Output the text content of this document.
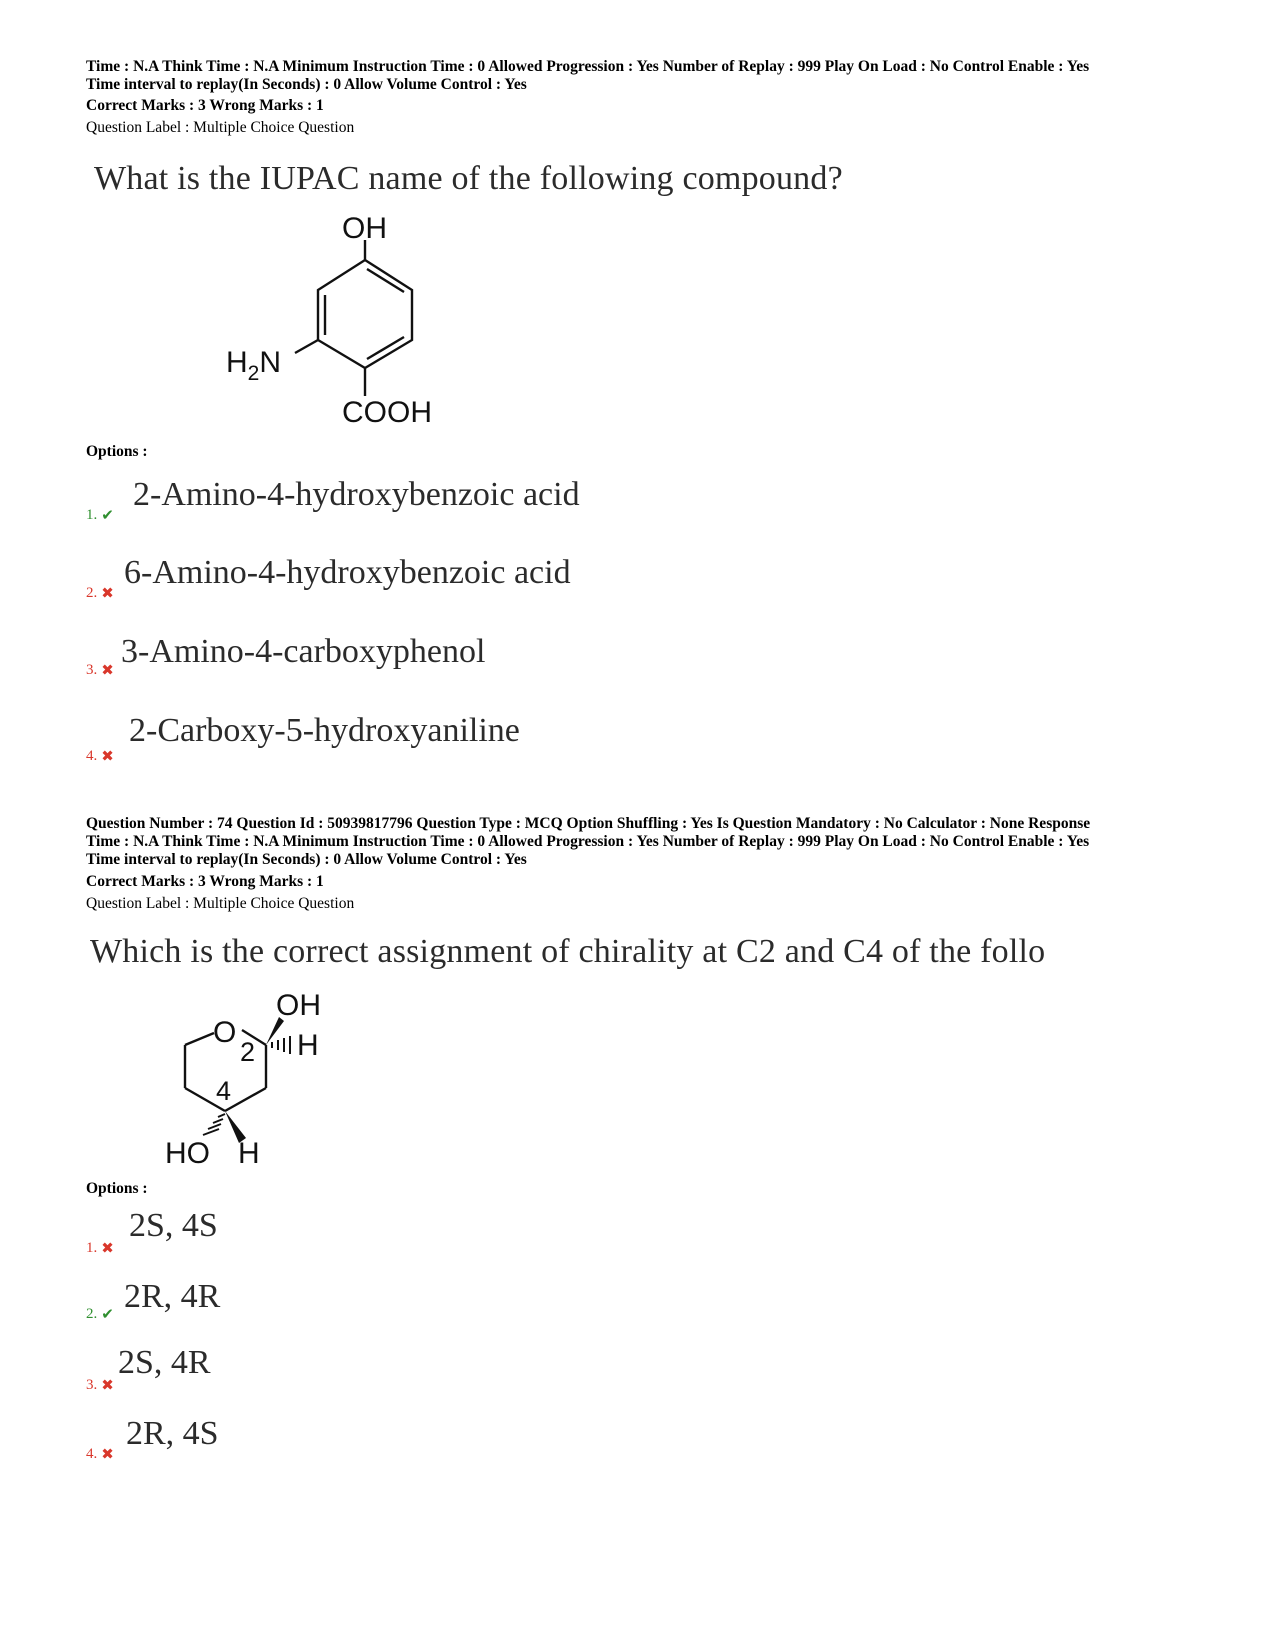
Time : N.A Think Time : N.A Minimum Instruction Time : 0 Allowed Progression : Yes Number of Replay : 999 Play On Load : No Control Enable : Yes
Time interval to replay(In Seconds) : 0 Allow Volume Control : Yes
Correct Marks : 3 Wrong Marks : 1
Question Label : Multiple Choice Question
What is the IUPAC name of the following compound?
OH
$H_2N$
COOH
Options :
1. ✔
2-Amino-4-hydroxybenzoic acid
2. ✖
6-Amino-4-hydroxybenzoic acid
3. ✖
3-Amino-4-carboxyphenol
4. ✖
2-Carboxy-5-hydroxyaniline
Question Number : 74 Question Id : 50939817796 Question Type : MCQ Option Shuffling : Yes Is Question Mandatory : No Calculator : None Response
Time : N.A Think Time : N.A Minimum Instruction Time : 0 Allowed Progression : Yes Number of Replay : 999 Play On Load : No Control Enable : Yes
Time interval to replay(In Seconds) : 0 Allow Volume Control : Yes
Correct Marks : 3 Wrong Marks : 1
Question Label : Multiple Choice Question
Which is the correct assignment of chirality at C2 and C4 of the follo
O
OH
H
2
4
HO H
Options :
1. ✖
2S, 4S
2. ✔ 2R, 4R
3. ✖
2S, 4R
4. ✖
2R, 4S
